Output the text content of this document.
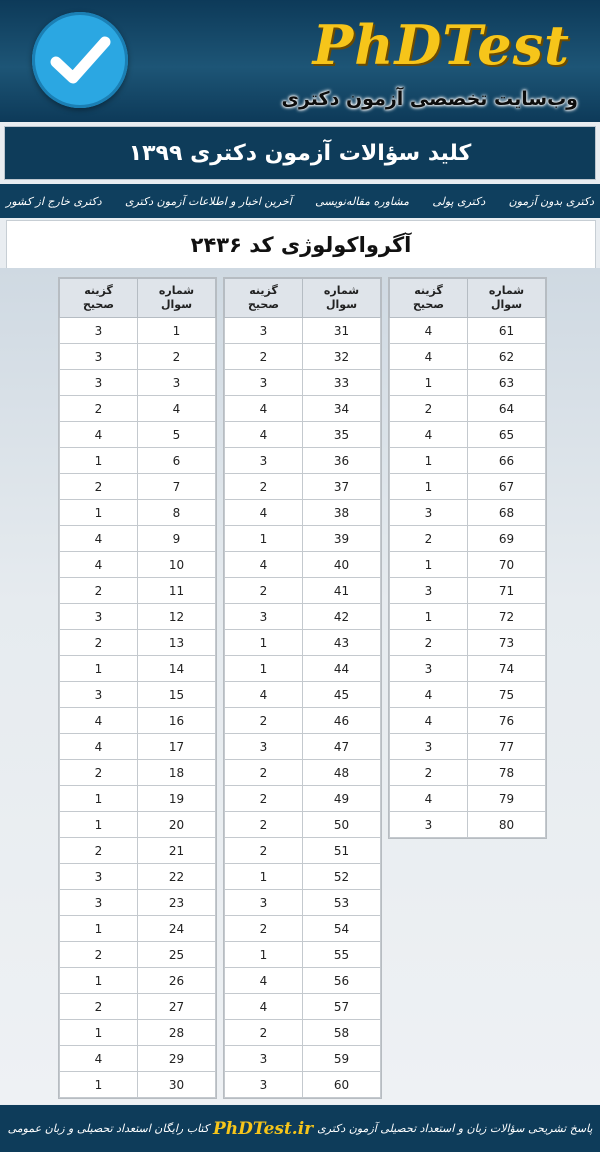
PhDTest
وب‌سایت تخصصی آزمون دکتری
کلید سؤالات آزمون دکتری ۱۳۹۹
دکتری بدون آزمون
دکتری پولی
مشاوره مقاله‌نویسی
آخرین اخبار و اطلاعات آزمون دکتری
دکتری خارج از کشور
آگرواکولوژی کد ۲۴۳۶
شماره
سوال	گزینه
صحیح

1	3
2	3
3	3
4	2
5	4
6	1
7	2
8	1
9	4
10	4
11	2
12	3
13	2
14	1
15	3
16	4
17	4
18	2
19	1
20	1
21	2
22	3
23	3
24	1
25	2
26	1
27	2
28	1
29	4
30	1
شماره
سوال	گزینه
صحیح

31	3
32	2
33	3
34	4
35	4
36	3
37	2
38	4
39	1
40	4
41	2
42	3
43	1
44	1
45	4
46	2
47	3
48	2
49	2
50	2
51	2
52	1
53	3
54	2
55	1
56	4
57	4
58	2
59	3
60	3
شماره
سوال	گزینه
صحیح

61	4
62	4
63	1
64	2
65	4
66	1
67	1
68	3
69	2
70	1
71	3
72	1
73	2
74	3
75	4
76	4
77	3
78	2
79	4
80	3
پاسخ تشریحی سؤالات زبان و استعداد تحصیلی آزمون دکتری
PhDTest.ir
کتاب رایگان استعداد تحصیلی و زبان عمومی
